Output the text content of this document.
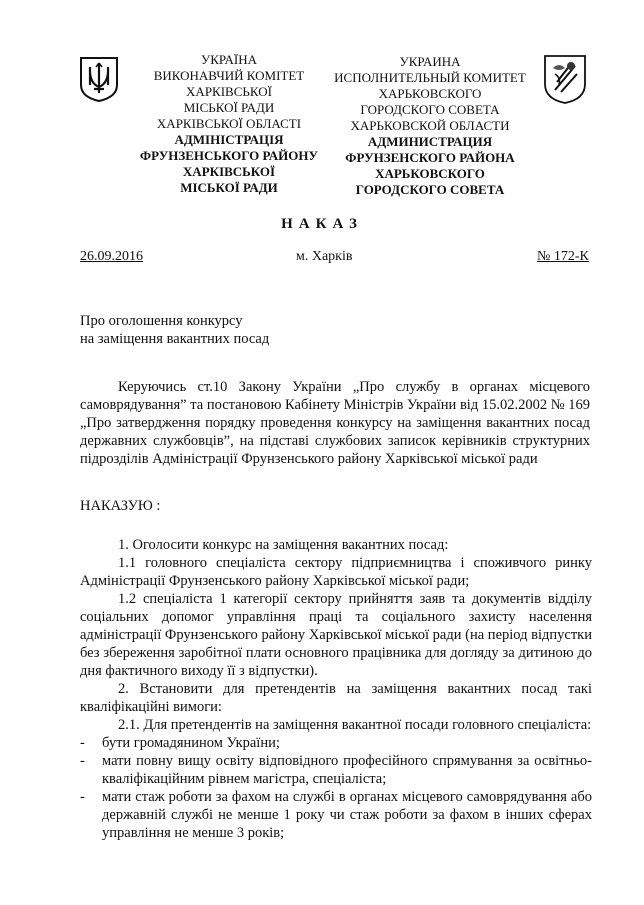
УКРАЇНА
ВИКОНАВЧИЙ КОМІТЕТ
ХАРКІВСЬКОЇ
МІСЬКОЇ РАДИ
ХАРКІВСЬКОЇ ОБЛАСТІ
АДМІНІСТРАЦІЯ
ФРУНЗЕНСЬКОГО РАЙОНУ
ХАРКІВСЬКОЇ
МІСЬКОЇ РАДИ
УКРАИНА
ИСПОЛНИТЕЛЬНЫЙ КОМИТЕТ
ХАРЬКОВСКОГО
ГОРОДСКОГО СОВЕТА
ХАРЬКОВСКОЙ ОБЛАСТИ
АДМИНИСТРАЦИЯ
ФРУНЗЕНСКОГО РАЙОНА
ХАРЬКОВСКОГО
ГОРОДСКОГО СОВЕТА
НАКАЗ
26.09.2016	м. Харків	№ 172-К
Про оголошення конкурсу
на заміщення вакантних посад
Керуючись ст.10 Закону України „Про службу в органах місцевого самоврядування” та постановою Кабінету Міністрів України від 15.02.2002 № 169 „Про затвердження порядку проведення конкурсу на заміщення вакантних посад державних службовців”, на підставі службових записок керівників структурних підрозділів Адміністрації Фрунзенського району Харківської міської ради
НАКАЗУЮ :
1. Оголосити конкурс на заміщення вакантних посад:
1.1 головного спеціаліста сектору підприємництва і споживчого ринку Адміністрації Фрунзенського району Харківської міської ради;
1.2 спеціаліста 1 категорії сектору прийняття заяв та документів відділу соціальних допомог управління праці та соціального захисту населення адміністрації Фрунзенського району Харківської міської ради (на період відпустки без збереження заробітної плати основного працівника для догляду за дитиною до дня фактичного виходу її з відпустки).
2. Встановити для претендентів на заміщення вакантних посад такі кваліфікаційні вимоги:
2.1. Для претендентів на заміщення вакантної посади головного спеціаліста:
- бути громадянином України;
- мати повну вищу освіту відповідного професійного спрямування за освітньо-кваліфікаційним рівнем магістра, спеціаліста;
- мати стаж роботи за фахом на службі в органах місцевого самоврядування або державній службі не менше 1 року чи стаж роботи за фахом в інших сферах управління не менше 3 років;
